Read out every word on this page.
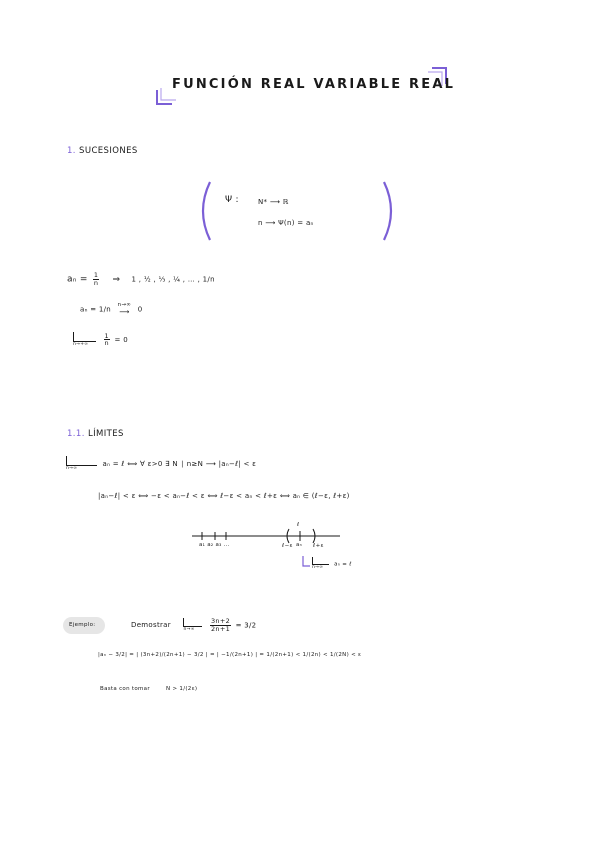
FUNCIÓN REAL VARIABLE REAL
1. SUCESIONES
Ψ :	N* ⟶ ℝ
n ⟶ Ψ(n) = aₙ
$a_n = \frac{1}{n}$ ⇒ 1 , ½ , ⅓ , ¼ , … , 1/n
aₙ = 1/n
n→∞
⟶ 0
n→+∞
	$\frac{1}{n} = 0$
1.1. LÍMITES
n→∞
aₙ = ℓ ⟺ ∀ ε>0 ∃ N ∣ n≥N ⟶ |aₙ−ℓ| < ε
|aₙ−ℓ| < ε ⟺ −ε < aₙ−ℓ < ε ⟺ ℓ−ε < aₙ < ℓ+ε ⟺ aₙ ∈ (ℓ−ε, ℓ+ε)
a₁ a₂ a₃ …
ℓ
ℓ−ε aₙ ℓ+ε
n→∞
aₙ = ℓ
Ejemplo:	Demostrar
n→∞
	$\frac{3n+2}{2n+1} = 3/2$
|aₙ − 3/2| = | (3n+2)/(2n+1) − 3/2 | = | −1/(2n+1) | = 1/(2n+1) < 1/(2n) < 1/(2N) < ε
Basta con tomar	N > 1/(2ε)
